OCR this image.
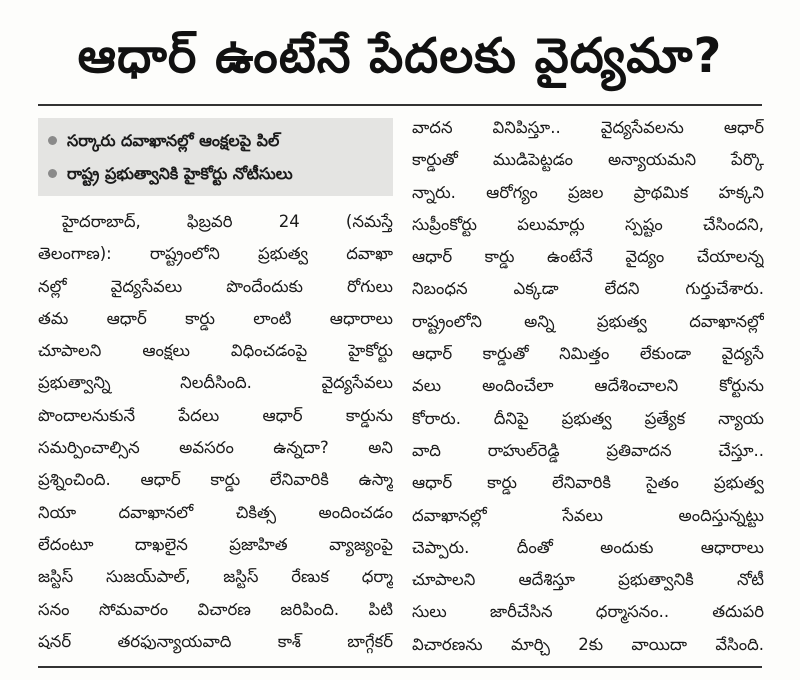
ఆధార్ ఉంటేనే పేదలకు వైద్యమా?
సర్కారు దవాఖానల్లో ఆంక్షలపై పిల్
రాష్ట్ర ప్రభుత్వానికి హైకోర్టు నోటీసులు
హైదరాబాద్, ఫిబ్రవరి 24 (నమస్తే
తెలంగాణ): రాష్ట్రంలోని ప్రభుత్వ దవాఖా
నల్లో వైద్యసేవలు పొందేందుకు రోగులు
తమ ఆధార్ కార్డు లాంటి ఆధారాలు
చూపాలని ఆంక్షలు విధించడంపై హైకోర్టు
ప్రభుత్వాన్ని నిలదీసింది. వైద్యసేవలు
పొందాలనుకునే పేదలు ఆధార్ కార్డును
సమర్పించాల్సిన అవసరం ఉన్నదా? అని
ప్రశ్నించింది. ఆధార్ కార్డు లేనివారికి ఉస్మా
నియా దవాఖానలో చికిత్స అందించడం
లేదంటూ దాఖలైన ప్రజాహిత వ్యాజ్యంపై
జస్టిస్ సుజయ్‌పాల్, జస్టిస్ రేణుక ధర్మా
సనం సోమవారం విచారణ జరిపింది. పిటి
షనర్ తరఫున్యాయవాది కాశ్ బాగ్గేకర్
వాదన వినిపిస్తూ.. వైద్యసేవలను ఆధార్
కార్డుతో ముడిపెట్టడం అన్యాయమని పేర్కొ
న్నారు. ఆరోగ్యం ప్రజల ప్రాథమిక హక్కని
సుప్రీంకోర్టు పలుమార్లు స్పష్టం చేసిందని,
ఆధార్ కార్డు ఉంటేనే వైద్యం చేయాలన్న
నిబంధన ఎక్కడా లేదని గుర్తుచేశారు.
రాష్ట్రంలోని అన్ని ప్రభుత్వ దవాఖానల్లో
ఆధార్ కార్డుతో నిమిత్తం లేకుండా వైద్యసే
వలు అందించేలా ఆదేశించాలని కోర్టును
కోరారు. దీనిపై ప్రభుత్వ ప్రత్యేక న్యాయ
వాది రాహుల్‌రెడ్డి ప్రతివాదన చేస్తూ..
ఆధార్ కార్డు లేనివారికి సైతం ప్రభుత్వ
దవాఖానల్లో సేవలు అందిస్తున్నట్టు
చెప్పారు. దీంతో అందుకు ఆధారాలు
చూపాలని ఆదేశిస్తూ ప్రభుత్వానికి నోటీ
సులు జారీచేసిన ధర్మాసనం.. తదుపరి
విచారణను మార్చి 2కు వాయిదా వేసింది.
